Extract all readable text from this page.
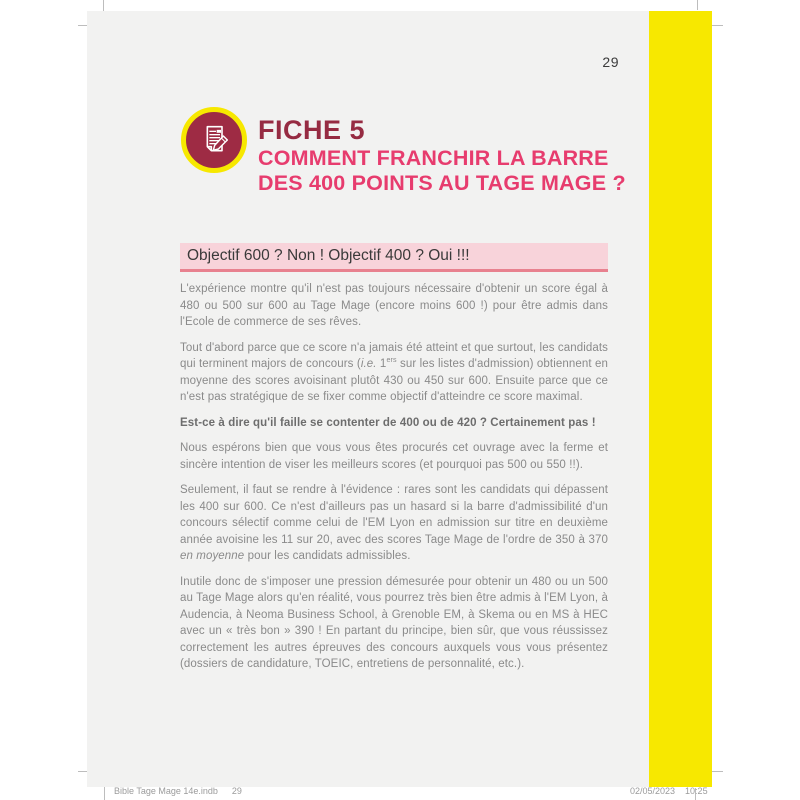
29
FICHE 5
COMMENT FRANCHIR LA BARRE
DES 400 POINTS AU TAGE MAGE ?
Objectif 600 ? Non ! Objectif 400 ? Oui !!!

L'expérience montre qu'il n'est pas toujours nécessaire d'obtenir un score égal à 480 ou 500 sur 600 au Tage Mage (encore moins 600 !) pour être admis dans l'Ecole de commerce de ses rêves.

Tout d'abord parce que ce score n'a jamais été atteint et que surtout, les candidats qui terminent majors de concours (i.e. 1ers sur les listes d'admission) obtiennent en moyenne des scores avoisinant plutôt 430 ou 450 sur 600. Ensuite parce que ce n'est pas stratégique de se fixer comme objectif d'atteindre ce score maximal.

Est-ce à dire qu'il faille se contenter de 400 ou de 420 ? Certainement pas !

Nous espérons bien que vous vous êtes procurés cet ouvrage avec la ferme et sincère intention de viser les meilleurs scores (et pourquoi pas 500 ou 550 !!).

Seulement, il faut se rendre à l'évidence : rares sont les candidats qui dépassent les 400 sur 600. Ce n'est d'ailleurs pas un hasard si la barre d'admissibilité d'un concours sélectif comme celui de l'EM Lyon en admission sur titre en deuxième année avoisine les 11 sur 20, avec des scores Tage Mage de l'ordre de 350 à 370 en moyenne pour les candidats admissibles.

Inutile donc de s'imposer une pression démesurée pour obtenir un 480 ou un 500 au Tage Mage alors qu'en réalité, vous pourrez très bien être admis à l'EM Lyon, à Audencia, à Neoma Business School, à Grenoble EM, à Skema ou en MS à HEC avec un « très bon » 390 ! En partant du principe, bien sûr, que vous réussissez correctement les autres épreuves des concours auxquels vous vous présentez (dossiers de candidature, TOEIC, entretiens de personnalité, etc.).

Bible Tage Mage 14e.indb 29	02/05/2023 10:25
